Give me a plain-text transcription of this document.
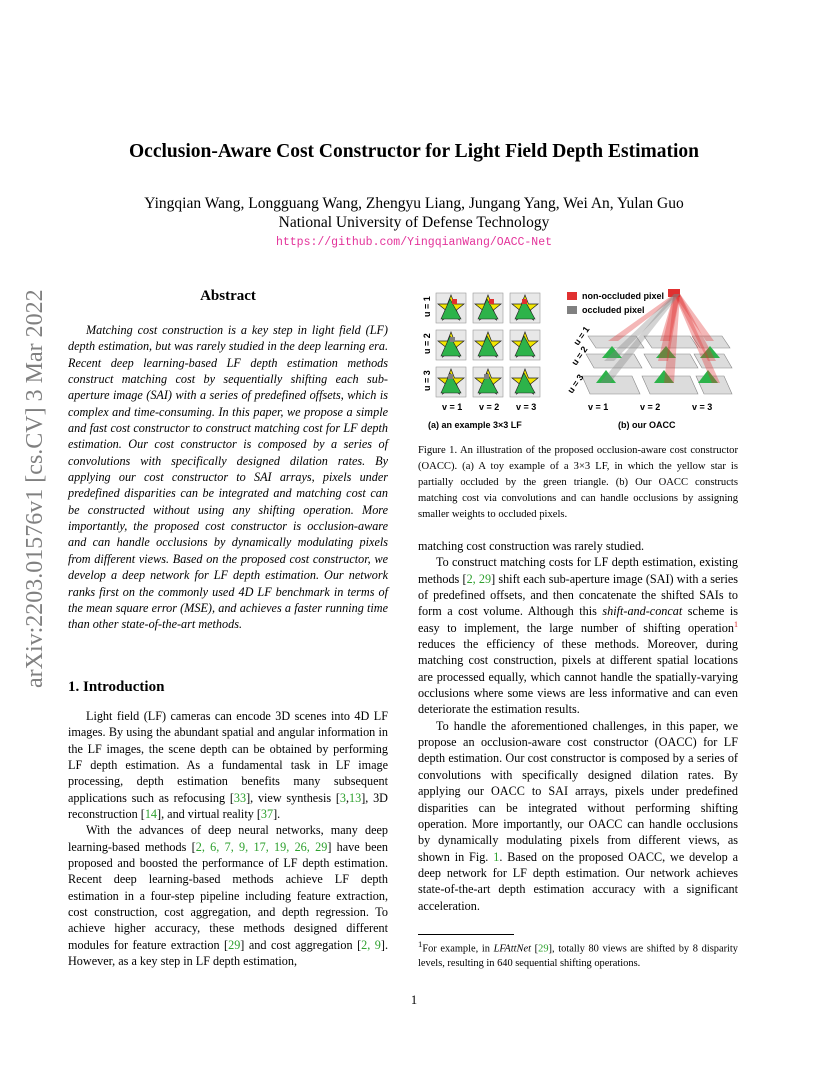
Occlusion-Aware Cost Constructor for Light Field Depth Estimation
Yingqian Wang, Longguang Wang, Zhengyu Liang, Jungang Yang, Wei An, Yulan Guo
National University of Defense Technology
https://github.com/YingqianWang/OACC-Net
arXiv:2203.01576v1 [cs.CV] 3 Mar 2022	Abstract

Matching cost construction is a key step in light field (LF) depth estimation, but was rarely studied in the deep learning era. Recent deep learning-based LF depth estimation methods construct matching cost by sequentially shifting each sub-aperture image (SAI) with a series of predefined offsets, which is complex and time-consuming. In this paper, we propose a simple and fast cost constructor to construct matching cost for LF depth estimation. Our cost constructor is composed by a series of convolutions with specifically designed dilation rates. By applying our cost constructor to SAI arrays, pixels under predefined disparities can be integrated and matching cost can be constructed without using any shifting operation. More importantly, the proposed cost constructor is occlusion-aware and can handle occlusions by dynamically modulating pixels from different views. Based on the proposed cost constructor, we develop a deep network for LF depth estimation. Our network ranks first on the commonly used 4D LF benchmark in terms of the mean square error (MSE), and achieves a faster running time than other state-of-the-art methods.

1. Introduction

Light field (LF) cameras can encode 3D scenes into 4D LF images. By using the abundant spatial and angular information in the LF images, the scene depth can be obtained by performing LF depth estimation. As a fundamental task in LF image processing, depth estimation benefits many subsequent applications such as refocusing [33], view synthesis [3,13], 3D reconstruction [14], and virtual reality [37].

With the advances of deep neural networks, many deep learning-based methods [2, 6, 7, 9, 17, 19, 26, 29] have been proposed and boosted the performance of LF depth estimation. Recent deep learning-based methods achieve LF depth estimation in a four-step pipeline including feature extraction, cost construction, cost aggregation, and depth regression. To achieve higher accuracy, these methods designed different modules for feature extraction [29] and cost aggregation [2, 9]. However, as a key step in LF depth estimation,

u = 1
u = 2
u = 3
v = 1 v = 2 v = 3
(a) an example 3×3 LF
non-occluded pixel
occluded pixel
u = 1
u = 2
u = 3
v = 1	v = 2	v = 3
(b) our OACC
Figure 1. An illustration of the proposed occlusion-aware cost constructor (OACC). (a) A toy example of a 3×3 LF, in which the yellow star is partially occluded by the green triangle. (b) Our OACC constructs matching cost via convolutions and can handle occlusions by assigning smaller weights to occluded pixels.

matching cost construction was rarely studied.

To construct matching costs for LF depth estimation, existing methods [2, 29] shift each sub-aperture image (SAI) with a series of predefined offsets, and then concatenate the shifted SAIs to form a cost volume. Although this shift-and-concat scheme is easy to implement, the large number of shifting operation$^1$ reduces the efficiency of these methods. Moreover, during matching cost construction, pixels at different spatial locations are processed equally, which cannot handle the spatially-varying occlusions where some views are less informative and can even deteriorate the estimation results.

To handle the aforementioned challenges, in this paper, we propose an occlusion-aware cost constructor (OACC) for LF depth estimation. Our cost constructor is composed by a series of convolutions with specifically designed dilation rates. By applying our OACC to SAI arrays, pixels under predefined disparities can be integrated without performing shifting operation. More importantly, our OACC can handle occlusions by dynamically modulating pixels from different views, as shown in Fig. 1. Based on the proposed OACC, we develop a deep network for LF depth estimation. Our network achieves state-of-the-art depth estimation accuracy with a significant acceleration.

$^1$For example, in LFAttNet [29], totally 80 views are shifted by 8 disparity levels, resulting in 640 sequential shifting operations.
1
